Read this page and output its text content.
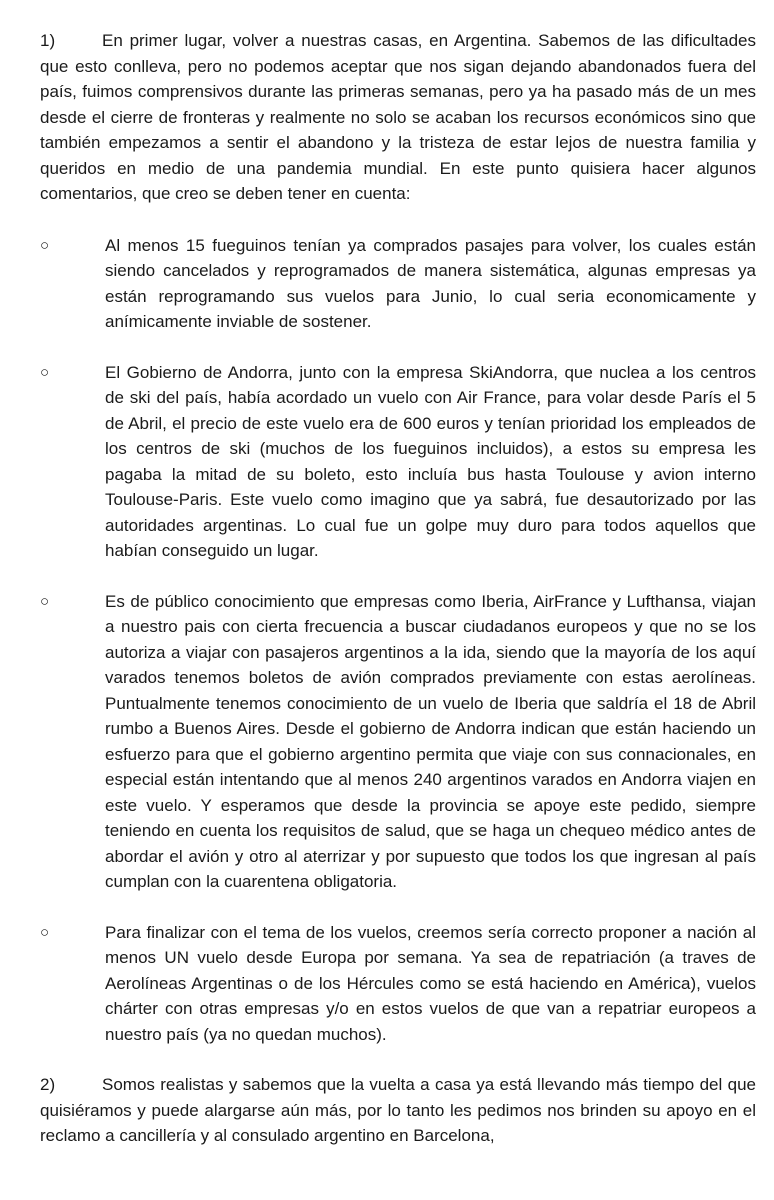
1)	En primer lugar, volver a nuestras casas, en Argentina. Sabemos de las dificultades que esto conlleva, pero no podemos aceptar que nos sigan dejando abandonados fuera del país, fuimos comprensivos durante las primeras semanas, pero ya ha pasado más de un mes desde el cierre de fronteras y realmente no solo se acaban los recursos económicos sino que también empezamos a sentir el abandono y la tristeza de estar lejos de nuestra familia y queridos en medio de una pandemia mundial. En este punto quisiera hacer algunos comentarios, que creo se deben tener en cuenta:

○	Al menos 15 fueguinos tenían ya comprados pasajes para volver, los cuales están siendo cancelados y reprogramados de manera sistemática, algunas empresas ya están reprogramando sus vuelos para Junio, lo cual seria economicamente y anímicamente inviable de sostener.
○	El Gobierno de Andorra, junto con la empresa SkiAndorra, que nuclea a los centros de ski del país, había acordado un vuelo con Air France, para volar desde París el 5 de Abril, el precio de este vuelo era de 600 euros y tenían prioridad los empleados de los centros de ski (muchos de los fueguinos incluidos), a estos su empresa les pagaba la mitad de su boleto, esto incluía bus hasta Toulouse y avion interno Toulouse-Paris. Este vuelo como imagino que ya sabrá, fue desautorizado por las autoridades argentinas. Lo cual fue un golpe muy duro para todos aquellos que habían conseguido un lugar.
○	Es de público conocimiento que empresas como Iberia, AirFrance y Lufthansa, viajan a nuestro pais con cierta frecuencia a buscar ciudadanos europeos y que no se los autoriza a viajar con pasajeros argentinos a la ida, siendo que la mayoría de los aquí varados tenemos boletos de avión comprados previamente con estas aerolíneas. Puntualmente tenemos conocimiento de un vuelo de Iberia que saldría el 18 de Abril rumbo a Buenos Aires. Desde el gobierno de Andorra indican que están haciendo un esfuerzo para que el gobierno argentino permita que viaje con sus connacionales, en especial están intentando que al menos 240 argentinos varados en Andorra viajen en este vuelo. Y esperamos que desde la provincia se apoye este pedido, siempre teniendo en cuenta los requisitos de salud, que se haga un chequeo médico antes de abordar el avión y otro al aterrizar y por supuesto que todos los que ingresan al país cumplan con la cuarentena obligatoria.
○	Para finalizar con el tema de los vuelos, creemos sería correcto proponer a nación al menos UN vuelo desde Europa por semana. Ya sea de repatriación (a traves de Aerolíneas Argentinas o de los Hércules como se está haciendo en América), vuelos chárter con otras empresas y/o en estos vuelos de que van a repatriar europeos a nuestro país (ya no quedan muchos).

2)	Somos realistas y sabemos que la vuelta a casa ya está llevando más tiempo del que quisiéramos y puede alargarse aún más, por lo tanto les pedimos nos brinden su apoyo en el reclamo a cancillería y al consulado argentino en Barcelona,
